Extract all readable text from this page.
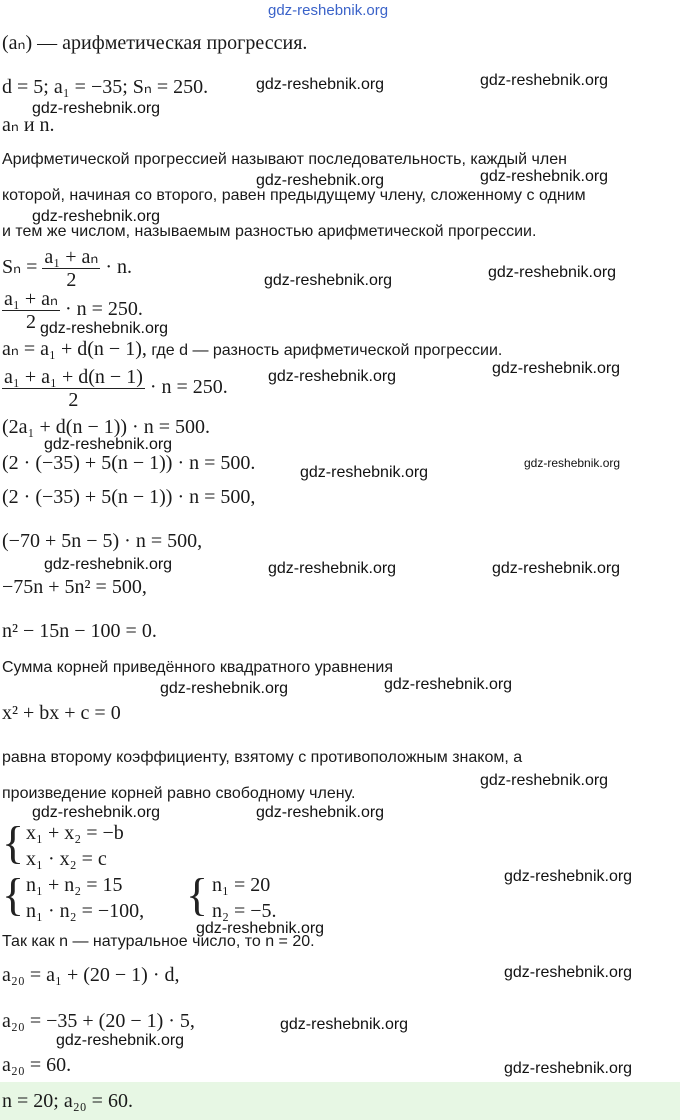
gdz-reshebnik.org
(aₙ) — арифметическая прогрессия.
d = 5; a₁ = −35; Sₙ = 250.
aₙ и n.
Арифметической прогрессией называют последовательность, каждый член
которой, начиная со второго, равен предыдущему члену, сложенному с одним
и тем же числом, называемым разностью арифметической прогрессии.
$S_n = \frac{\text{a₁ + aₙ}}{2} \cdot n$.
$\frac{\text{a₁ + aₙ}}{2} \cdot n = 250$.
aₙ = a₁ + d(n − 1), где d — разность арифметической прогрессии.
$\frac{\text{a₁ + a₁ + d(n − 1)}}{2} \cdot n = 250$.
(2a₁ + d(n − 1)) · n = 500.
(2 · (−35) + 5(n − 1)) · n = 500.
(2 · (−35) + 5(n − 1)) · n = 500,
(−70 + 5n − 5) · n = 500,
−75n + 5n² = 500,
n² − 15n − 100 = 0.
Сумма корней приведённого квадратного уравнения
x² + bx + c = 0
равна второму коэффициенту, взятому с противоположным знаком, а
произведение корней равно свободному члену.
{ x₁ + x₂ = −b
x₁ · x₂ = c
{ n₁ + n₂ = 15
n₁ · n₂ = −100, { n₁ = 20
n₂ = −5.
Так как n — натуральное число, то n = 20.
a₂₀ = a₁ + (20 − 1) · d,
a₂₀ = −35 + (20 − 1) · 5,
a₂₀ = 60.
n = 20; a₂₀ = 60.
gdz-reshebnik.org	gdz-reshebnik.org
gdz-reshebnik.org
gdz-reshebnik.org	gdz-reshebnik.org
gdz-reshebnik.org
gdz-reshebnik.org	gdz-reshebnik.org
gdz-reshebnik.org
gdz-reshebnik.org	gdz-reshebnik.org
gdz-reshebnik.org
gdz-reshebnik.org
gdz-reshebnik.org
gdz-reshebnik.org	gdz-reshebnik.org	gdz-reshebnik.org
gdz-reshebnik.org	gdz-reshebnik.org
gdz-reshebnik.org
gdz-reshebnik.org	gdz-reshebnik.org
gdz-reshebnik.org
gdz-reshebnik.org
gdz-reshebnik.org
gdz-reshebnik.org
gdz-reshebnik.org
gdz-reshebnik.org
